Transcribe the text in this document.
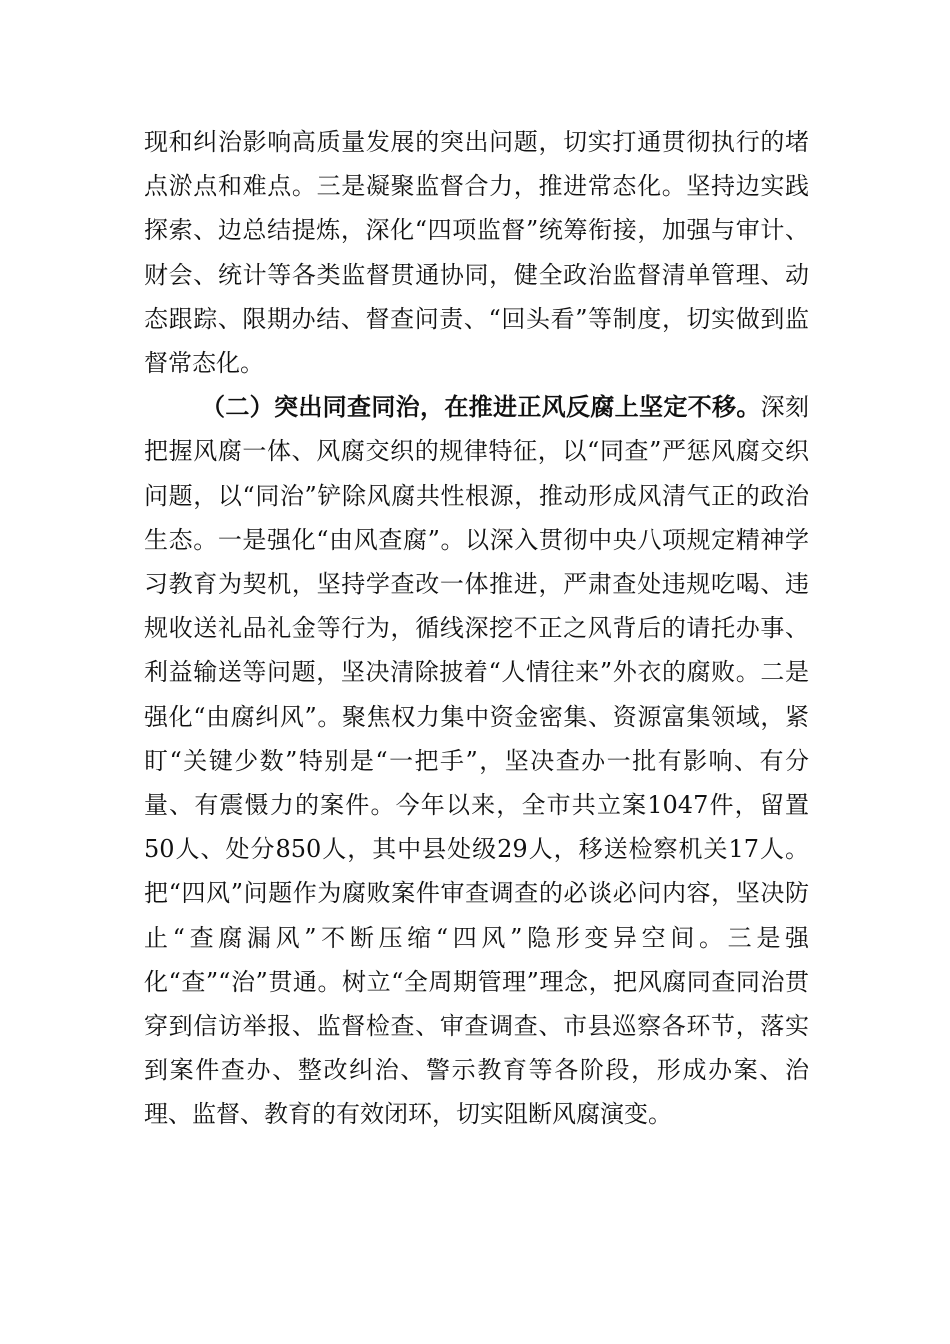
现和纠治影响高质量发展的突出问题，切实打通贯彻执行的堵点淤点和难点。三是凝聚监督合力，推进常态化。坚持边实践探索、边总结提炼，深化“四项监督”统筹衔接，加强与审计、财会、统计等各类监督贯通协同，健全政治监督清单管理、动态跟踪、限期办结、督查问责、“回头看”等制度，切实做到监督常态化。

（二）突出同查同治，在推进正风反腐上坚定不移。深刻把握风腐一体、风腐交织的规律特征，以“同查”严惩风腐交织问题，以“同治”铲除风腐共性根源，推动形成风清气正的政治生态。一是强化“由风查腐”。以深入贯彻中央八项规定精神学习教育为契机，坚持学查改一体推进，严肃查处违规吃喝、违规收送礼品礼金等行为，循线深挖不正之风背后的请托办事、利益输送等问题，坚决清除披着“人情往来”外衣的腐败。二是强化“由腐纠风”。聚焦权力集中资金密集、资源富集领域，紧盯“关键少数”特别是“一把手”，坚决查办一批有影响、有分量、有震慑力的案件。今年以来，全市共立案1047件，留置50人、处分850人，其中县处级29人，移送检察机关17人。把“四风”问题作为腐败案件审查调查的必谈必问内容，坚决防止“查腐漏风”不断压缩“四风”隐形变异空间。三是强化“查”“治”贯通。树立“全周期管理”理念，把风腐同查同治贯穿到信访举报、监督检查、审查调查、市县巡察各环节，落实到案件查办、整改纠治、警示教育等各阶段，形成办案、治理、监督、教育的有效闭环，切实阻断风腐演变。
